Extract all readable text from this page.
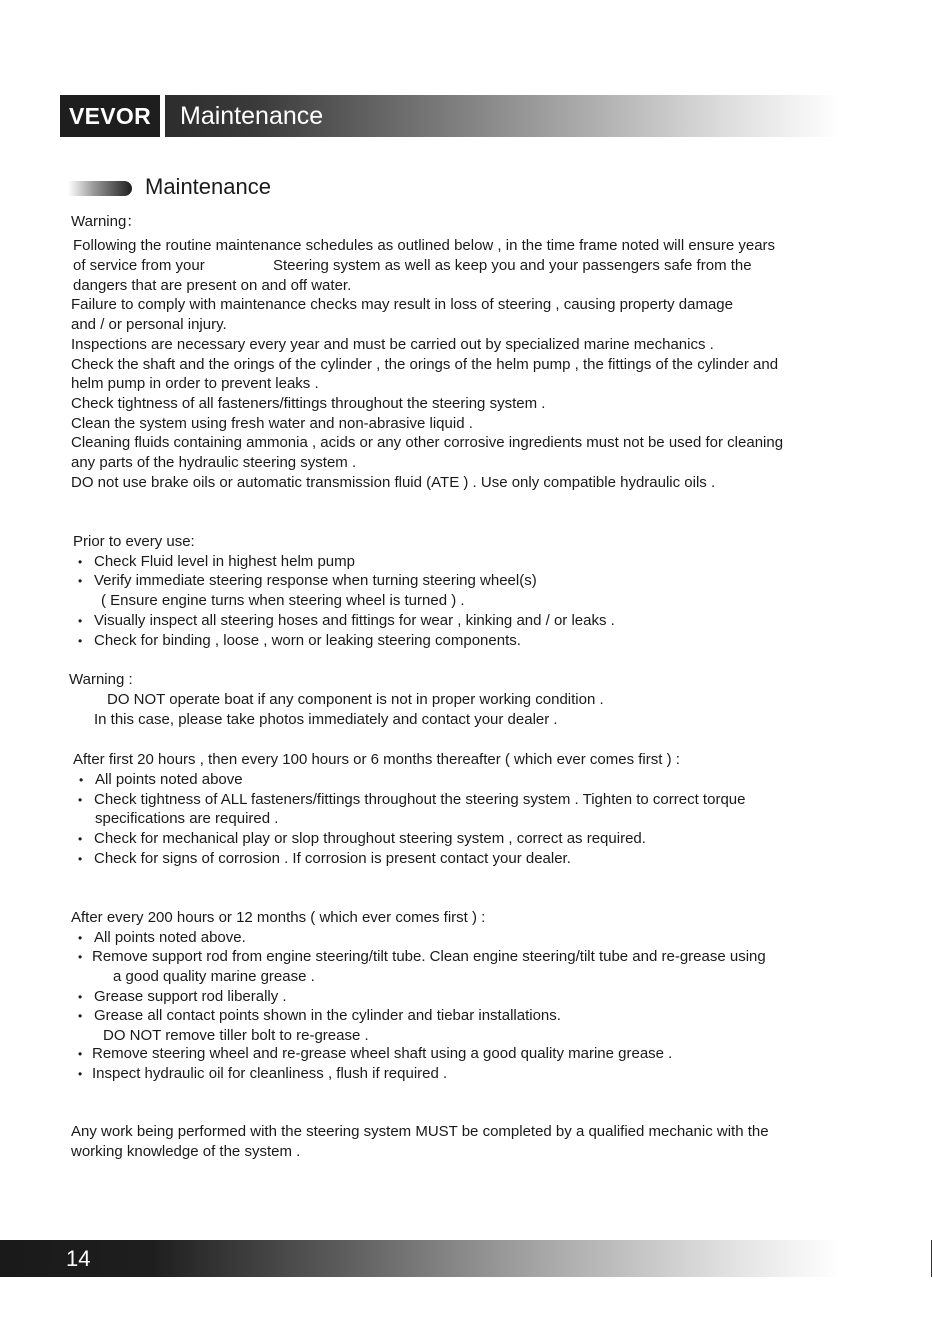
VEVOR	Maintenance
Maintenance
Warning：
Following the routine maintenance schedules as outlined below , in the time frame noted will ensure years
of service from your	Steering system as well as keep you and your passengers safe from the
dangers that are present on and off water.
Failure to comply with maintenance checks may result in loss of steering , causing property damage
and / or personal injury.
Inspections are necessary every year and must be carried out by specialized marine mechanics .
Check the shaft and the orings of the cylinder , the orings of the helm pump , the fittings of the cylinder and
helm pump in order to prevent leaks .
Check tightness of all fasteners/fittings throughout the steering system .
Clean the system using fresh water and non-abrasive liquid .
Cleaning fluids containing ammonia , acids or any other corrosive ingredients must not be used for cleaning
any parts of the hydraulic steering system .
DO not use brake oils or automatic transmission fluid (ATE ) . Use only compatible hydraulic oils .
Prior to every use:
• Check Fluid level in highest helm pump
• Verify immediate steering response when turning steering wheel(s)
( Ensure engine turns when steering wheel is turned ) .
• Visually inspect all steering hoses and fittings for wear , kinking and / or leaks .
• Check for binding , loose , worn or leaking steering components.
Warning :
DO NOT operate boat if any component is not in proper working condition .
In this case, please take photos immediately and contact your dealer .
After first 20 hours , then every 100 hours or 6 months thereafter ( which ever comes first ) :
• All points noted above
• Check tightness of ALL fasteners/fittings throughout the steering system . Tighten to correct torque
specifications are required .
• Check for mechanical play or slop throughout steering system , correct as required.
• Check for signs of corrosion . If corrosion is present contact your dealer.
After every 200 hours or 12 months ( which ever comes first ) :
• All points noted above.
• Remove support rod from engine steering/tilt tube. Clean engine steering/tilt tube and re-grease using
a good quality marine grease .
• Grease support rod liberally .
• Grease all contact points shown in the cylinder and tiebar installations.
DO NOT remove tiller bolt to re-grease .
• Remove steering wheel and re-grease wheel shaft using a good quality marine grease .
• Inspect hydraulic oil for cleanliness , flush if required .
Any work being performed with the steering system MUST be completed by a qualified mechanic with the
working knowledge of the system .
14
